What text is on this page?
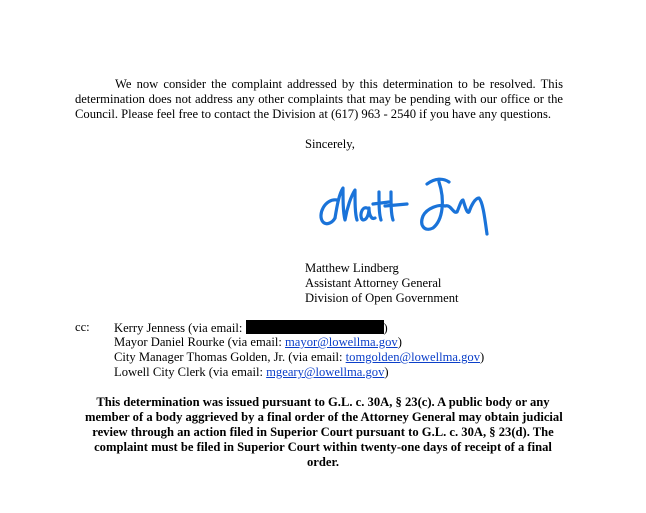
We now consider the complaint addressed by this determination to be resolved. This
determination does not address any other complaints that may be pending with our office or the
Council. Please feel free to contact the Division at (617) 963 - 2540 if you have any questions.
Sincerely,
Matthew Lindberg
Assistant Attorney General
Division of Open Government
cc: Kerry Jenness (via email:	)
Mayor Daniel Rourke (via email: mayor@lowellma.gov)
City Manager Thomas Golden, Jr. (via email: tomgolden@lowellma.gov)
Lowell City Clerk (via email: mgeary@lowellma.gov)
This determination was issued pursuant to G.L. c. 30A, § 23(c). A public body or any
member of a body aggrieved by a final order of the Attorney General may obtain judicial
review through an action filed in Superior Court pursuant to G.L. c. 30A, § 23(d). The
complaint must be filed in Superior Court within twenty-one days of receipt of a final
order.
